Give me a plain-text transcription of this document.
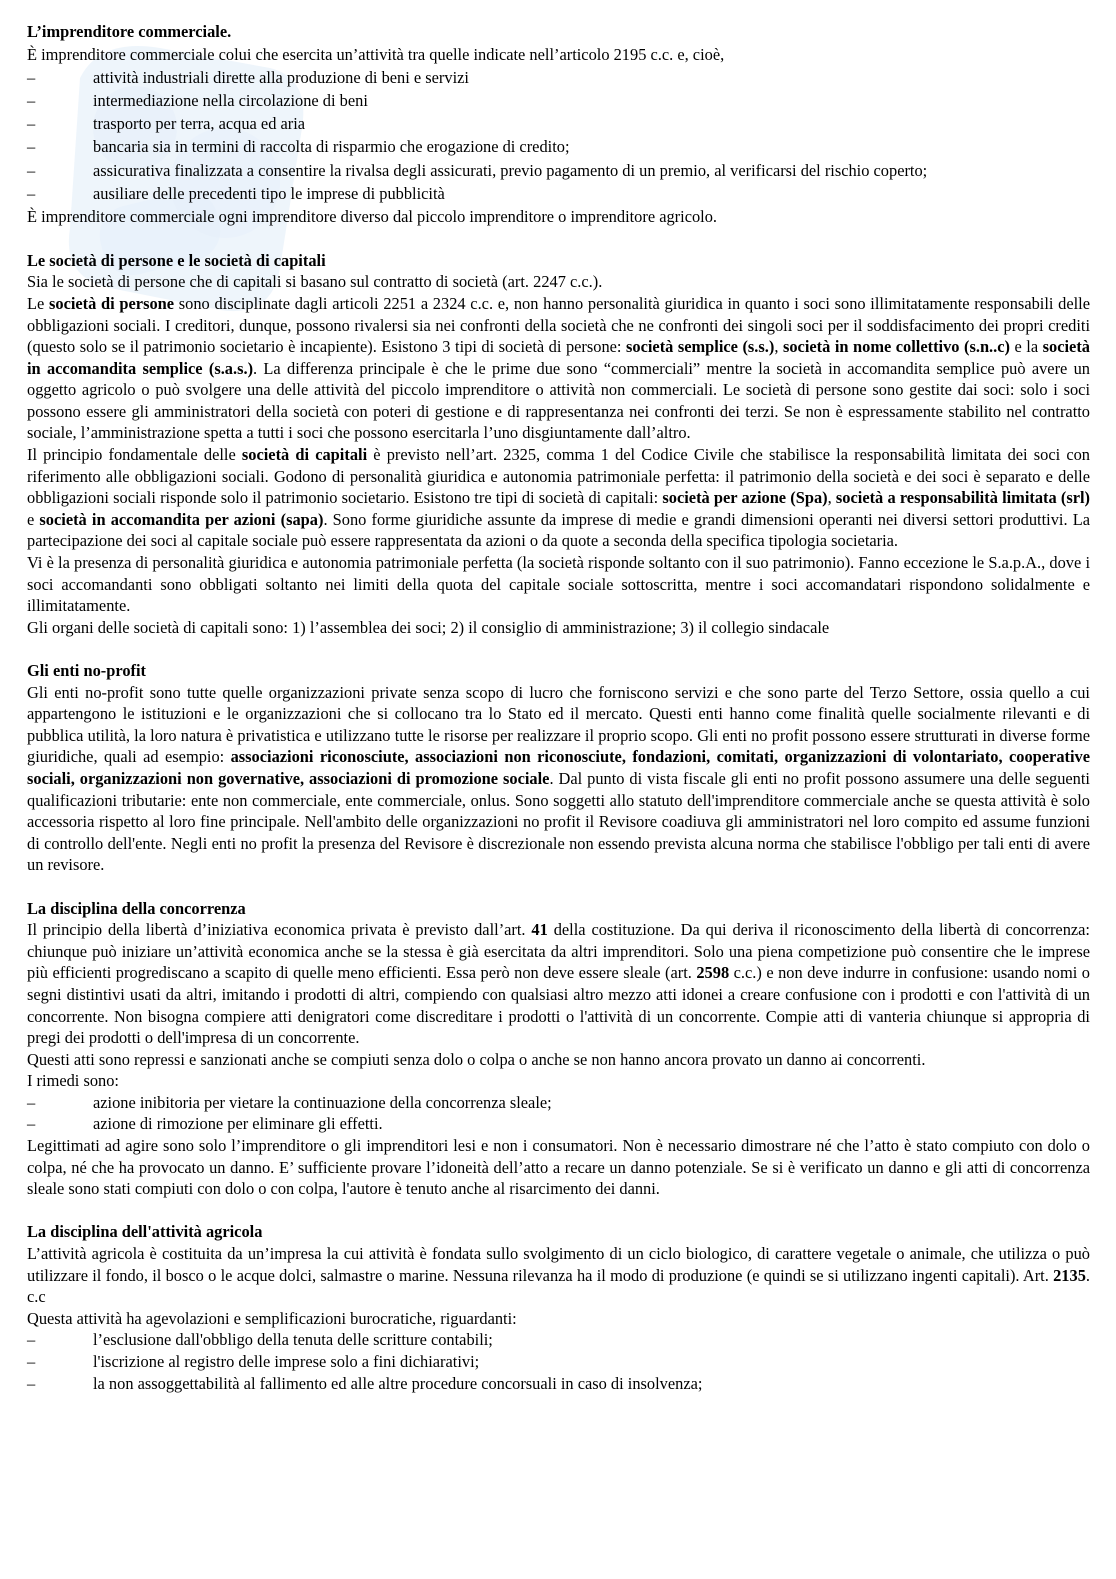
L’imprenditore commerciale.

È imprenditore commerciale colui che esercita un’attività tra quelle indicate nell’articolo 2195 c.c. e, cioè,

–	attività industriali dirette alla produzione di beni e servizi
–	intermediazione nella circolazione di beni
–	trasporto per terra, acqua ed aria
–	bancaria sia in termini di raccolta di risparmio che erogazione di credito;
–	assicurativa finalizzata a consentire la rivalsa degli assicurati, previo pagamento di un premio, al verificarsi del rischio coperto;
–	ausiliare delle precedenti tipo le imprese di pubblicità

È imprenditore commerciale ogni imprenditore diverso dal piccolo imprenditore o imprenditore agricolo.

Le società di persone e le società di capitali

Sia le società di persone che di capitali si basano sul contratto di società (art. 2247 c.c.).

Le società di persone sono disciplinate dagli articoli 2251 a 2324 c.c. e, non hanno personalità giuridica in quanto i soci sono illimitatamente responsabili delle obbligazioni sociali. I creditori, dunque, possono rivalersi sia nei confronti della società che ne confronti dei singoli soci per il soddisfacimento dei propri crediti (questo solo se il patrimonio societario è incapiente). Esistono 3 tipi di società di persone: società semplice (s.s.), società in nome collettivo (s.n..c) e la società in accomandita semplice (s.a.s.). La differenza principale è che le prime due sono “commerciali” mentre la società in accomandita semplice può avere un oggetto agricolo o può svolgere una delle attività del piccolo imprenditore o attività non commerciali. Le società di persone sono gestite dai soci: solo i soci possono essere gli amministratori della società con poteri di gestione e di rappresentanza nei confronti dei terzi. Se non è espressamente stabilito nel contratto sociale, l’amministrazione spetta a tutti i soci che possono esercitarla l’uno disgiuntamente dall’altro.

Il principio fondamentale delle società di capitali è previsto nell’art. 2325, comma 1 del Codice Civile che stabilisce la responsabilità limitata dei soci con riferimento alle obbligazioni sociali. Godono di personalità giuridica e autonomia patrimoniale perfetta: il patrimonio della società e dei soci è separato e delle obbligazioni sociali risponde solo il patrimonio societario. Esistono tre tipi di società di capitali: società per azione (Spa), società a responsabilità limitata (srl) e società in accomandita per azioni (sapa). Sono forme giuridiche assunte da imprese di medie e grandi dimensioni operanti nei diversi settori produttivi. La partecipazione dei soci al capitale sociale può essere rappresentata da azioni o da quote a seconda della specifica tipologia societaria.

Vi è la presenza di personalità giuridica e autonomia patrimoniale perfetta (la società risponde soltanto con il suo patrimonio). Fanno eccezione le S.a.p.A., dove i soci accomandanti sono obbligati soltanto nei limiti della quota del capitale sociale sottoscritta, mentre i soci accomandatari rispondono solidalmente e illimitatamente.

Gli organi delle società di capitali sono: 1) l’assemblea dei soci; 2) il consiglio di amministrazione; 3) il collegio sindacale

Gli enti no-profit

Gli enti no-profit sono tutte quelle organizzazioni private senza scopo di lucro che forniscono servizi e che sono parte del Terzo Settore, ossia quello a cui appartengono le istituzioni e le organizzazioni che si collocano tra lo Stato ed il mercato. Questi enti hanno come finalità quelle socialmente rilevanti e di pubblica utilità, la loro natura è privatistica e utilizzano tutte le risorse per realizzare il proprio scopo. Gli enti no profit possono essere strutturati in diverse forme giuridiche, quali ad esempio: associazioni riconosciute, associazioni non riconosciute, fondazioni, comitati, organizzazioni di volontariato, cooperative sociali, organizzazioni non governative, associazioni di promozione sociale. Dal punto di vista fiscale gli enti no profit possono assumere una delle seguenti qualificazioni tributarie: ente non commerciale, ente commerciale, onlus. Sono soggetti allo statuto dell'imprenditore commerciale anche se questa attività è solo accessoria rispetto al loro fine principale. Nell'ambito delle organizzazioni no profit il Revisore coadiuva gli amministratori nel loro compito ed assume funzioni di controllo dell'ente. Negli enti no profit la presenza del Revisore è discrezionale non essendo prevista alcuna norma che stabilisce l'obbligo per tali enti di avere un revisore.

La disciplina della concorrenza

Il principio della libertà d’iniziativa economica privata è previsto dall’art. 41 della costituzione. Da qui deriva il riconoscimento della libertà di concorrenza: chiunque può iniziare un’attività economica anche se la stessa è già esercitata da altri imprenditori. Solo una piena competizione può consentire che le imprese più efficienti progrediscano a scapito di quelle meno efficienti. Essa però non deve essere sleale (art. 2598 c.c.) e non deve indurre in confusione: usando nomi o segni distintivi usati da altri, imitando i prodotti di altri, compiendo con qualsiasi altro mezzo atti idonei a creare confusione con i prodotti e con l'attività di un concorrente. Non bisogna compiere atti denigratori come discreditare i prodotti o l'attività di un concorrente. Compie atti di vanteria chiunque si appropria di pregi dei prodotti o dell'impresa di un concorrente.

Questi atti sono repressi e sanzionati anche se compiuti senza dolo o colpa o anche se non hanno ancora provato un danno ai concorrenti.

I rimedi sono:

–	azione inibitoria per vietare la continuazione della concorrenza sleale;
–	azione di rimozione per eliminare gli effetti.

Legittimati ad agire sono solo l’imprenditore o gli imprenditori lesi e non i consumatori. Non è necessario dimostrare né che l’atto è stato compiuto con dolo o colpa, né che ha provocato un danno. E’ sufficiente provare l’idoneità dell’atto a recare un danno potenziale. Se si è verificato un danno e gli atti di concorrenza sleale sono stati compiuti con dolo o con colpa, l'autore è tenuto anche al risarcimento dei danni.

La disciplina dell'attività agricola

L’attività agricola è costituita da un’impresa la cui attività è fondata sullo svolgimento di un ciclo biologico, di carattere vegetale o animale, che utilizza o può utilizzare il fondo, il bosco o le acque dolci, salmastre o marine. Nessuna rilevanza ha il modo di produzione (e quindi se si utilizzano ingenti capitali). Art. 2135. c.c

Questa attività ha agevolazioni e semplificazioni burocratiche, riguardanti:

–	l’esclusione dall'obbligo della tenuta delle scritture contabili;
–	l'iscrizione al registro delle imprese solo a fini dichiarativi;
–	la non assoggettabilità al fallimento ed alle altre procedure concorsuali in caso di insolvenza;
